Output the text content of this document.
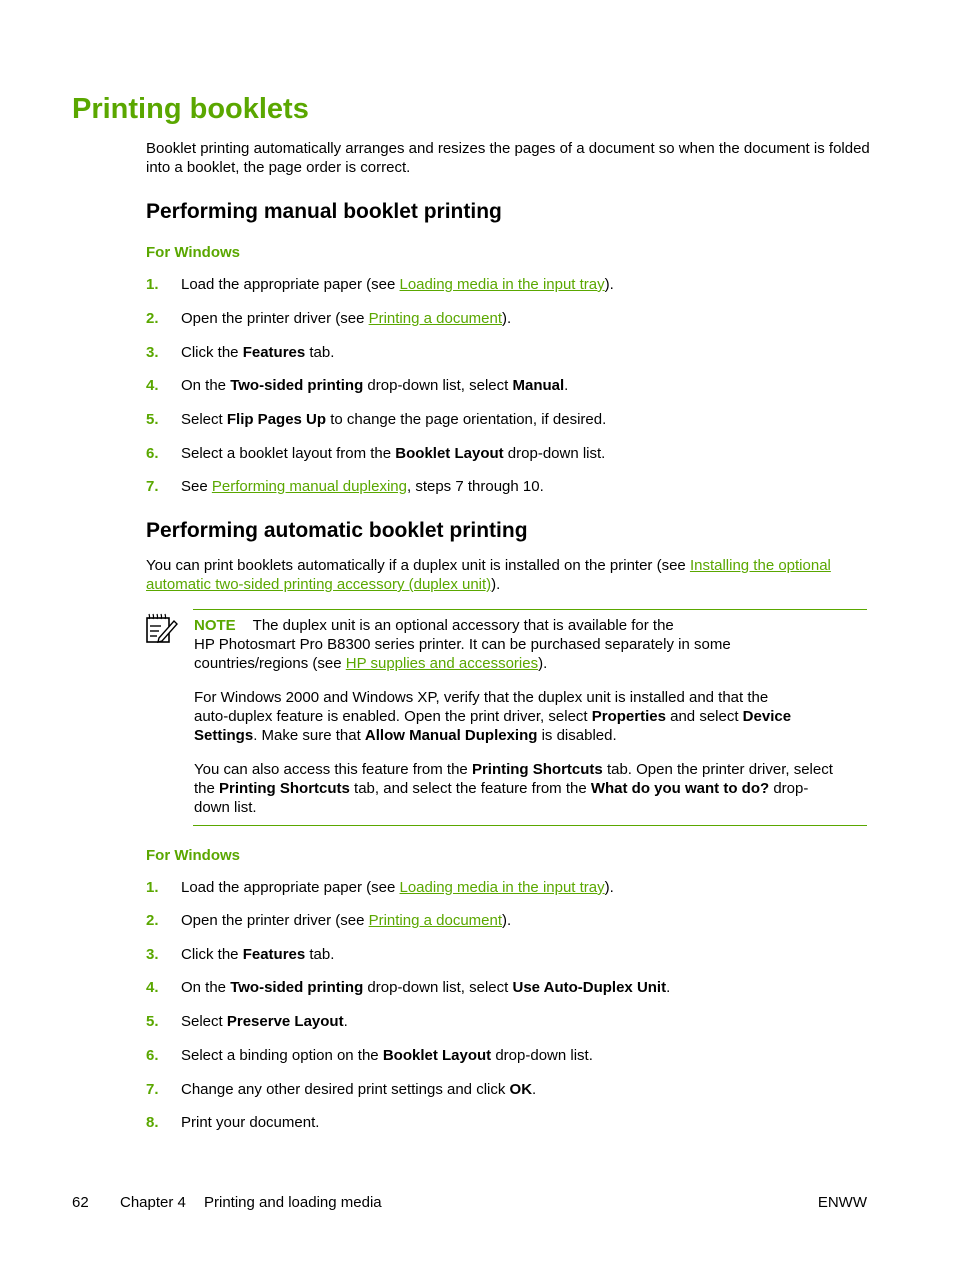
Printing booklets

Booklet printing automatically arranges and resizes the pages of a document so when the document is folded into a booklet, the page order is correct.

Performing manual booklet printing
For Windows
1. Load the appropriate paper (see Loading media in the input tray).
2. Open the printer driver (see Printing a document).
3. Click the Features tab.
4. On the Two-sided printing drop-down list, select Manual.
5. Select Flip Pages Up to change the page orientation, if desired.
6. Select a booklet layout from the Booklet Layout drop-down list.
7. See Performing manual duplexing, steps 7 through 10.
Performing automatic booklet printing
You can print booklets automatically if a duplex unit is installed on the printer (see Installing the optional
automatic two-sided printing accessory (duplex unit)).
NOTE The duplex unit is an optional accessory that is available for the
HP Photosmart Pro B8300 series printer. It can be purchased separately in some
countries/regions (see HP supplies and accessories).
For Windows 2000 and Windows XP, verify that the duplex unit is installed and that the
auto-duplex feature is enabled. Open the print driver, select Properties and select Device
Settings. Make sure that Allow Manual Duplexing is disabled.
You can also access this feature from the Printing Shortcuts tab. Open the printer driver, select
the Printing Shortcuts tab, and select the feature from the What do you want to do? drop-
down list.
For Windows
1. Load the appropriate paper (see Loading media in the input tray).
2. Open the printer driver (see Printing a document).
3. Click the Features tab.
4. On the Two-sided printing drop-down list, select Use Auto-Duplex Unit.
5. Select Preserve Layout.
6. Select a binding option on the Booklet Layout drop-down list.
7. Change any other desired print settings and click OK.
8. Print your document.
62 Chapter 4 Printing and loading media	ENWW
